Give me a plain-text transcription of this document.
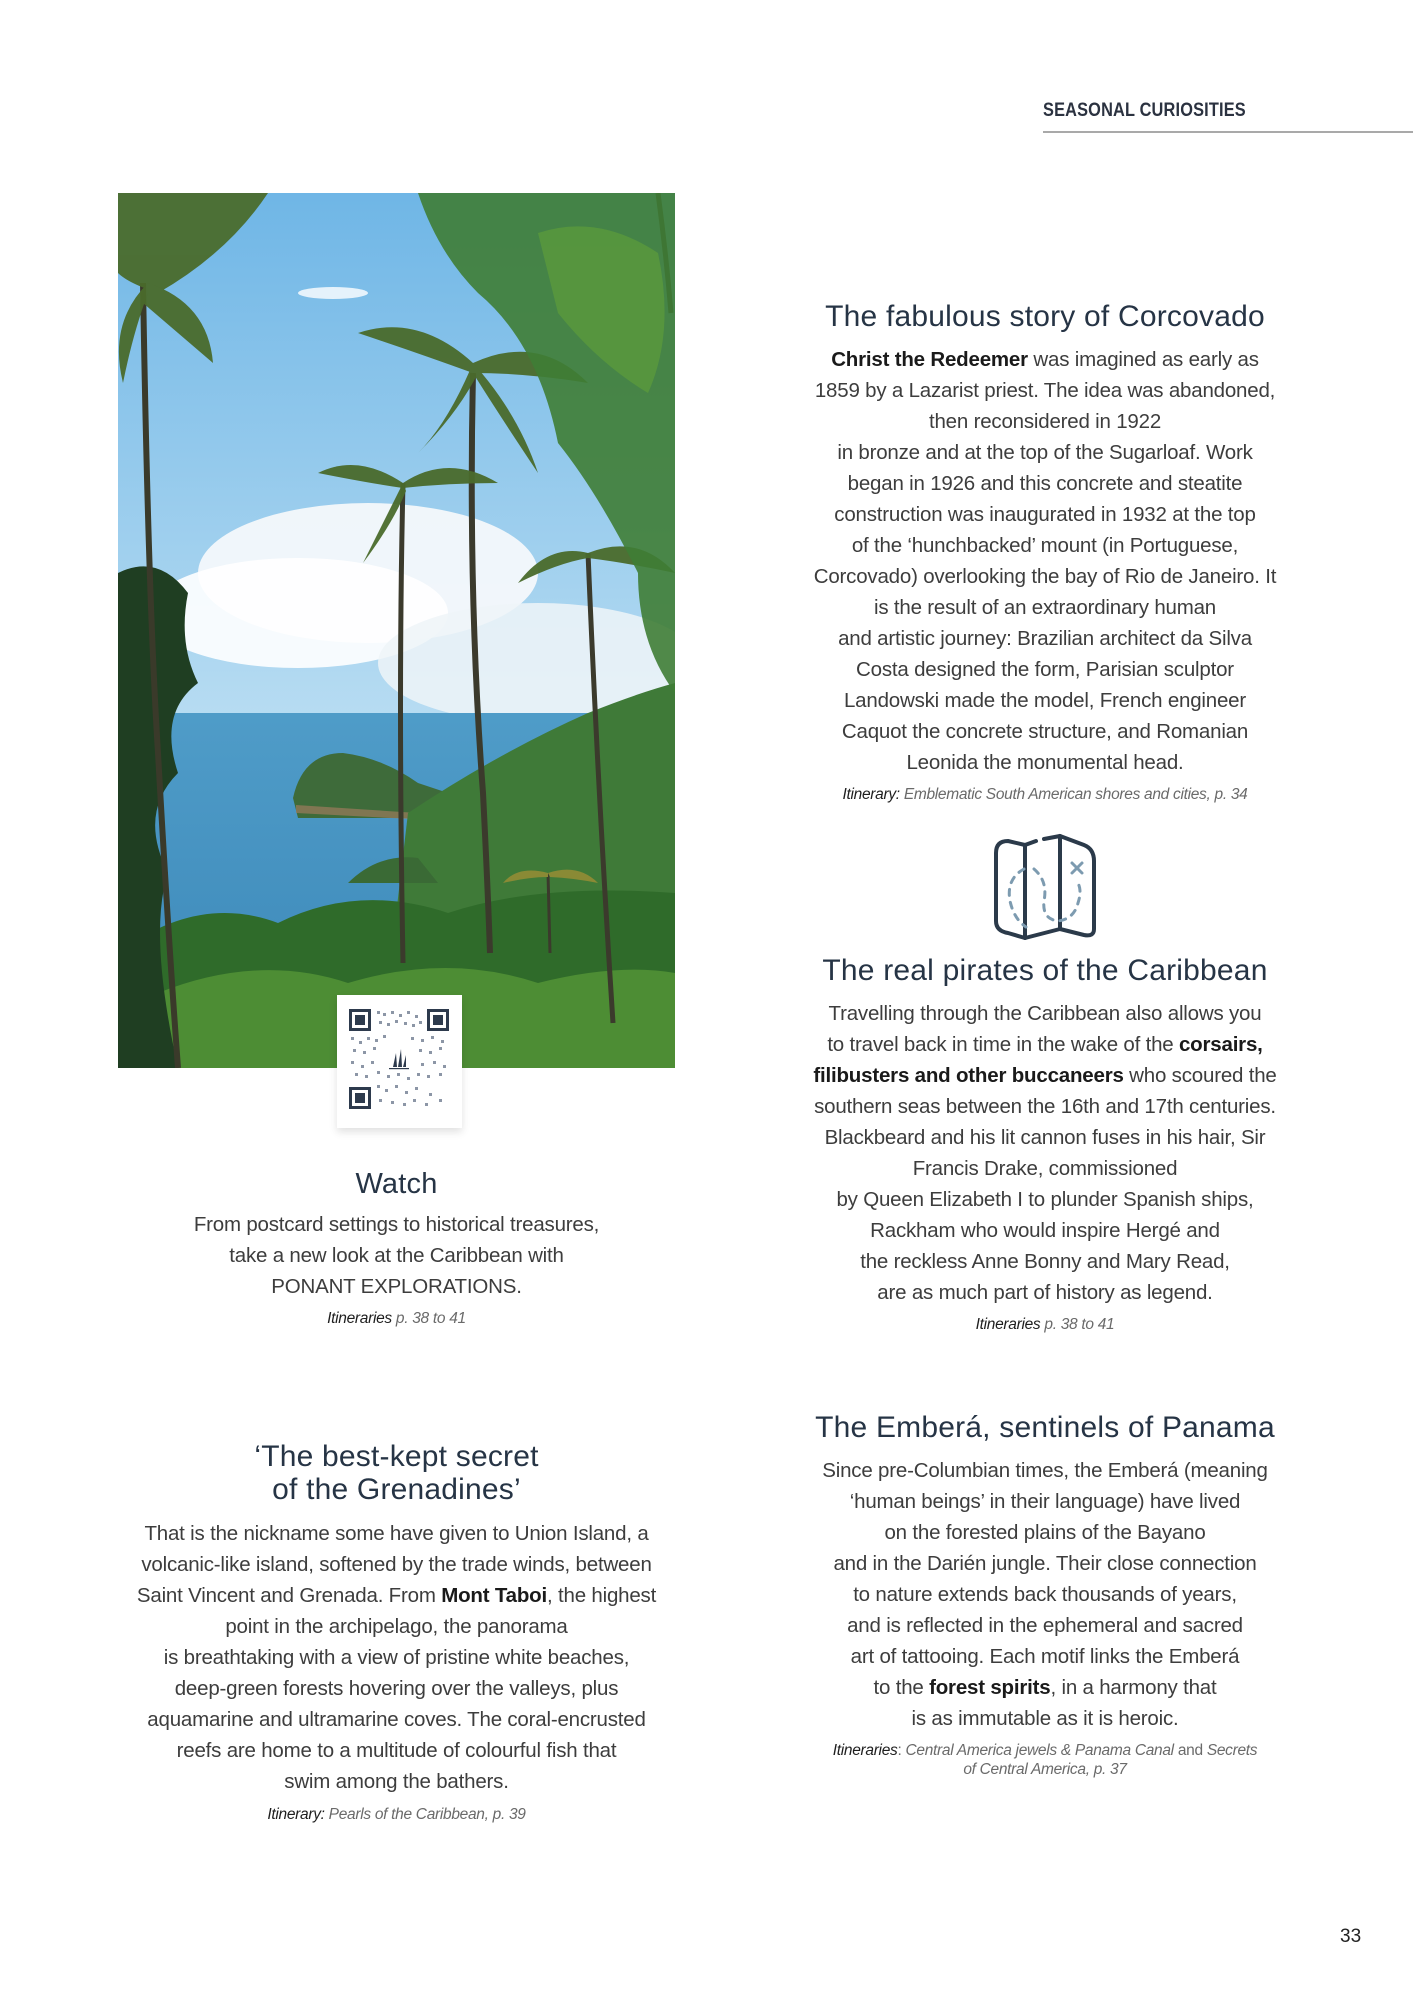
SEASONAL CURIOSITIES
Watch

From postcard settings to historical treasures,
take a new look at the Caribbean with
PONANT EXPLORATIONS.

Itineraries p. 38 to 41

‘The best-kept secret
of the Grenadines’

That is the nickname some have given to Union Island, a
volcanic-like island, softened by the trade winds, between
Saint Vincent and Grenada. From Mont Taboi, the highest
point in the archipelago, the panorama
is breathtaking with a view of pristine white beaches,
deep-green forests hovering over the valleys, plus
aquamarine and ultramarine coves. The coral-encrusted
reefs are home to a multitude of colourful fish that
swim among the bathers.

Itinerary: Pearls of the Caribbean, p. 39

The fabulous story of Corcovado

Christ the Redeemer was imagined as early as
1859 by a Lazarist priest. The idea was abandoned,
then reconsidered in 1922
in bronze and at the top of the Sugarloaf. Work
began in 1926 and this concrete and steatite
construction was inaugurated in 1932 at the top
of the ‘hunchbacked’ mount (in Portuguese,
Corcovado) overlooking the bay of Rio de Janeiro. It
is the result of an extraordinary human
and artistic journey: Brazilian architect da Silva
Costa designed the form, Parisian sculptor
Landowski made the model, French engineer
Caquot the concrete structure, and Romanian
Leonida the monumental head.

Itinerary: Emblematic South American shores and cities, p. 34

The real pirates of the Caribbean

Travelling through the Caribbean also allows you
to travel back in time in the wake of the corsairs,
filibusters and other buccaneers who scoured the
southern seas between the 16th and 17th centuries.
Blackbeard and his lit cannon fuses in his hair, Sir
Francis Drake, commissioned
by Queen Elizabeth I to plunder Spanish ships,
Rackham who would inspire Hergé and
the reckless Anne Bonny and Mary Read,
are as much part of history as legend.

Itineraries p. 38 to 41

The Emberá, sentinels of Panama

Since pre-Columbian times, the Emberá (meaning
‘human beings’ in their language) have lived
on the forested plains of the Bayano
and in the Darién jungle. Their close connection
to nature extends back thousands of years,
and is reflected in the ephemeral and sacred
art of tattooing. Each motif links the Emberá
to the forest spirits, in a harmony that
is as immutable as it is heroic.

Itineraries: Central America jewels & Panama Canal and Secrets
of Central America, p. 37

33
